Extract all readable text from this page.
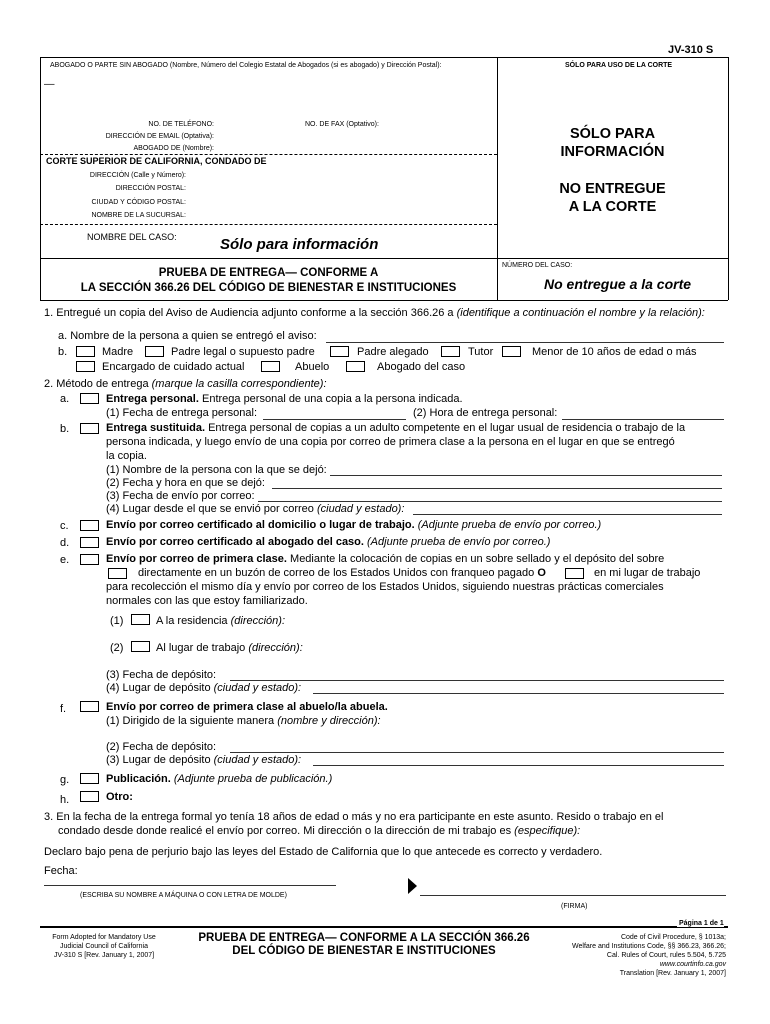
JV-310 S
ABOGADO O PARTE SIN ABOGADO (Nombre, Número del Colegio Estatal de Abogados (si es abogado) y Dirección Postal):	SÓLO PARA USO DE LA CORTE
—
NO. DE TELÉFONO:	NO. DE FAX (Optativo):
DIRECCIÓN DE EMAIL (Optativa):
ABOGADO DE (Nombre):
CORTE SUPERIOR DE CALIFORNIA, CONDADO DE
DIRECCIÓN (Calle y Número):
DIRECCIÓN POSTAL:
CIUDAD Y CÓDIGO POSTAL:
NOMBRE DE LA SUCURSAL:
NOMBRE DEL CASO:	Sólo para información
SÓLO PARA
INFORMACIÓN
NO ENTREGUE
A LA CORTE
PRUEBA DE ENTREGA— CONFORME A
LA SECCIÓN 366.26 DEL CÓDIGO DE BIENESTAR E INSTITUCIONES
NÚMERO DEL CASO:
No entregue a la corte
1. Entregué un copia del Aviso de Audiencia adjunto conforme a la sección 366.26 a (identifique a continuación el nombre y la relación):
a. Nombre de la persona a quien se entregó el aviso:
b.	Madre	Padre legal o supuesto padre	Padre alegado	Tutor	Menor de 10 años de edad o más
Encargado de cuidado actual	Abuelo	Abogado del caso
2. Método de entrega (marque la casilla correspondiente):
a.	Entrega personal. Entrega personal de una copia a la persona indicada.
(1) Fecha de entrega personal:	(2) Hora de entrega personal:
b.	Entrega sustituida. Entrega personal de copias a un adulto competente en el lugar usual de residencia o trabajo de la
persona indicada, y luego envío de una copia por correo de primera clase a la persona en el lugar en que se entregó
la copia.
(1) Nombre de la persona con la que se dejó:
(2) Fecha y hora en que se dejó:
(3) Fecha de envío por correo:
(4) Lugar desde el que se envió por correo (ciudad y estado):
c.	Envío por correo certificado al domicilio o lugar de trabajo. (Adjunte prueba de envío por correo.)
d.	Envío por correo certificado al abogado del caso. (Adjunte prueba de envío por correo.)
e.	Envío por correo de primera clase. Mediante la colocación de copias en un sobre sellado y el depósito del sobre
directamente en un buzón de correo de los Estados Unidos con franqueo pagado O	en mi lugar de trabajo
para recolección el mismo día y envío por correo de los Estados Unidos, siguiendo nuestras prácticas comerciales
normales con las que estoy familiarizado.
(1)	A la residencia (dirección):
(2)	Al lugar de trabajo (dirección):
(3) Fecha de depósito:
(4) Lugar de depósito (ciudad y estado):
f.	Envío por correo de primera clase al abuelo/la abuela.
(1) Dirigido de la siguiente manera (nombre y dirección):
(2) Fecha de depósito:
(3) Lugar de depósito (ciudad y estado):
g.	Publicación. (Adjunte prueba de publicación.)
h.	Otro:
3. En la fecha de la entrega formal yo tenía 18 años de edad o más y no era participante en este asunto. Resido o trabajo en el
condado desde donde realicé el envío por correo. Mi dirección o la dirección de mi trabajo es (especifique):
Declaro bajo pena de perjurio bajo las leyes del Estado de California que lo que antecede es correcto y verdadero.
Fecha:
(ESCRIBA SU NOMBRE A MÁQUINA O CON LETRA DE MOLDE)
(FIRMA)
Página 1 de 1
Form Adopted for Mandatory Use
Judicial Council of California
JV-310 S [Rev. January 1, 2007]
PRUEBA DE ENTREGA— CONFORME A LA SECCIÓN 366.26
DEL CÓDIGO DE BIENESTAR E INSTITUCIONES
Code of Civil Procedure, § 1013a;
Welfare and Institutions Code, §§ 366.23, 366.26;
Cal. Rules of Court, rules 5.504, 5.725
www.courtinfo.ca.gov
Translation [Rev. January 1, 2007]
